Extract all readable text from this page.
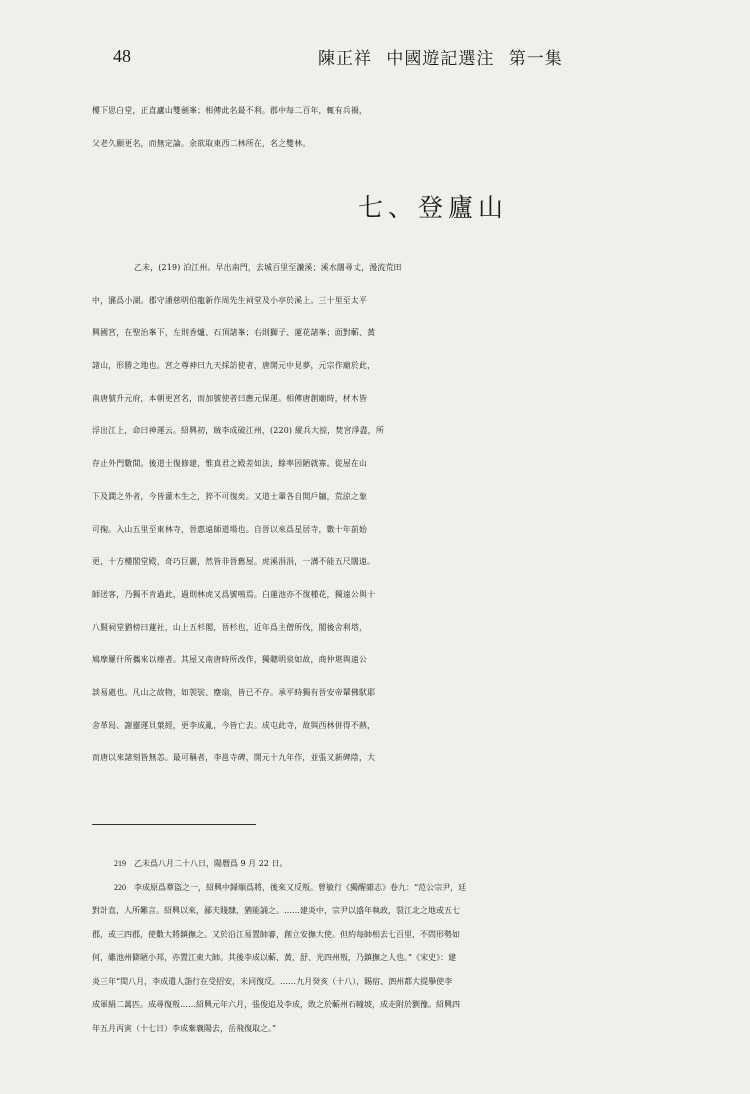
48	陳正祥 中國遊記選注 第一集
樓下思白堂，正直廬山雙劍峯；相傳此名最不利。郡中每二百年，輒有兵禍，
父老久願更名，而無定論。余欲取東西二林所在，名之雙林。
七、登廬山
乙未，(219) 泊江州。早出南門，去城百里至濂溪；溪水闊尋丈，漫流荒田
中，瀦爲小湖。郡守潘慈明伯龍新作周先生祠堂及小亭於溪上。三十里至太平
興國宮，在聖治峯下，左則香爐、石頂諸峯；右則獅子、蓮花諸峯；面對蘄、黃
諸山，形勝之地也。宮之尊神曰九天採訪使者，唐開元中見夢，元宗作廟於此，
南唐號升元府，本朝更宮名，而加號使者曰應元保運。相傳唐創廟時，材木皆
浮出江上，命曰神運云。紹興初，賊李成破江州，(220) 縱兵大掠，焚宮淨盡，所
存止外門數間。後道士復修建，惟真君之殿差如法，餘率因陋就寡。從屋在山
下及澗之外者，今皆灌木生之，猝不可復矣。又道士輩各自開戶牖，荒涼之象
可掬。入山五里至東林寺，晉惠遠師道場也。自晉以來爲星居寺，數十年前始
更，十方樓閣堂殿，奇巧巨麗，然皆非晉舊屋。虎溪涓涓，一溝不能五尺闊遠。
師送客，乃獨不肯過此，過則林虎又爲號鳴焉。白蓮池亦不復種花，獨遠公與十
八賢祠堂猶榜曰蓮社，山上五杉閣，晉杉也，近年爲主僧所伐，閣後舍利塔，
鳩摩羅什所攜來以瘞者。其屋又南唐時所改作，獨聰明泉如故，商仲堪與遠公
談易處也。凡山之故物，如袈裟、麈扇，皆已不存。承平時獨有晉安帝輦佛䭾耶
舍革舄、謝靈運貝葉經，更李成亂，今皆亡去。成屯此寺，故與西林併得不爇，
而唐以來諸刻皆無恙。最可稱者，李邕寺碑，開元十九年作，並張又新碑陰，大
219 乙未爲八月二十八日，陽曆爲 9 月 22 日。
220 李成原爲羣盜之一，紹興中歸順爲將，後來又反叛。曾敏行《獨醒雜志》卷九：“范公宗尹，廷
對計直，人所難言。紹興以來，鄙夫賤隸，猶能誦之。……建炎中，宗尹以盛年執政，裂江北之地或五七
郡，或三四郡，使數大將鎮撫之。又於沿江易置帥審，創立安撫大使。但約每帥相去七百里，不問形勢如
何，雖池州僻陋小邦，亦置江東大帥。其後李成以蘄、黃、舒、光四州叛，乃鎮撫之人也。”《宋史》：建
炎三年“閏八月，李成遣人詣行在受招安，未同復反。……九月癸亥（十八），賜宿、泗州都大提擧使李
成軍絹二萬匹。成尋復叛……紹興元年六月，張俊追及李成，敗之於蘄州石幢坡，成走附於劉豫。紹興四
年五月丙寅（十七日）李成棄襄陽去，岳飛復取之。”
